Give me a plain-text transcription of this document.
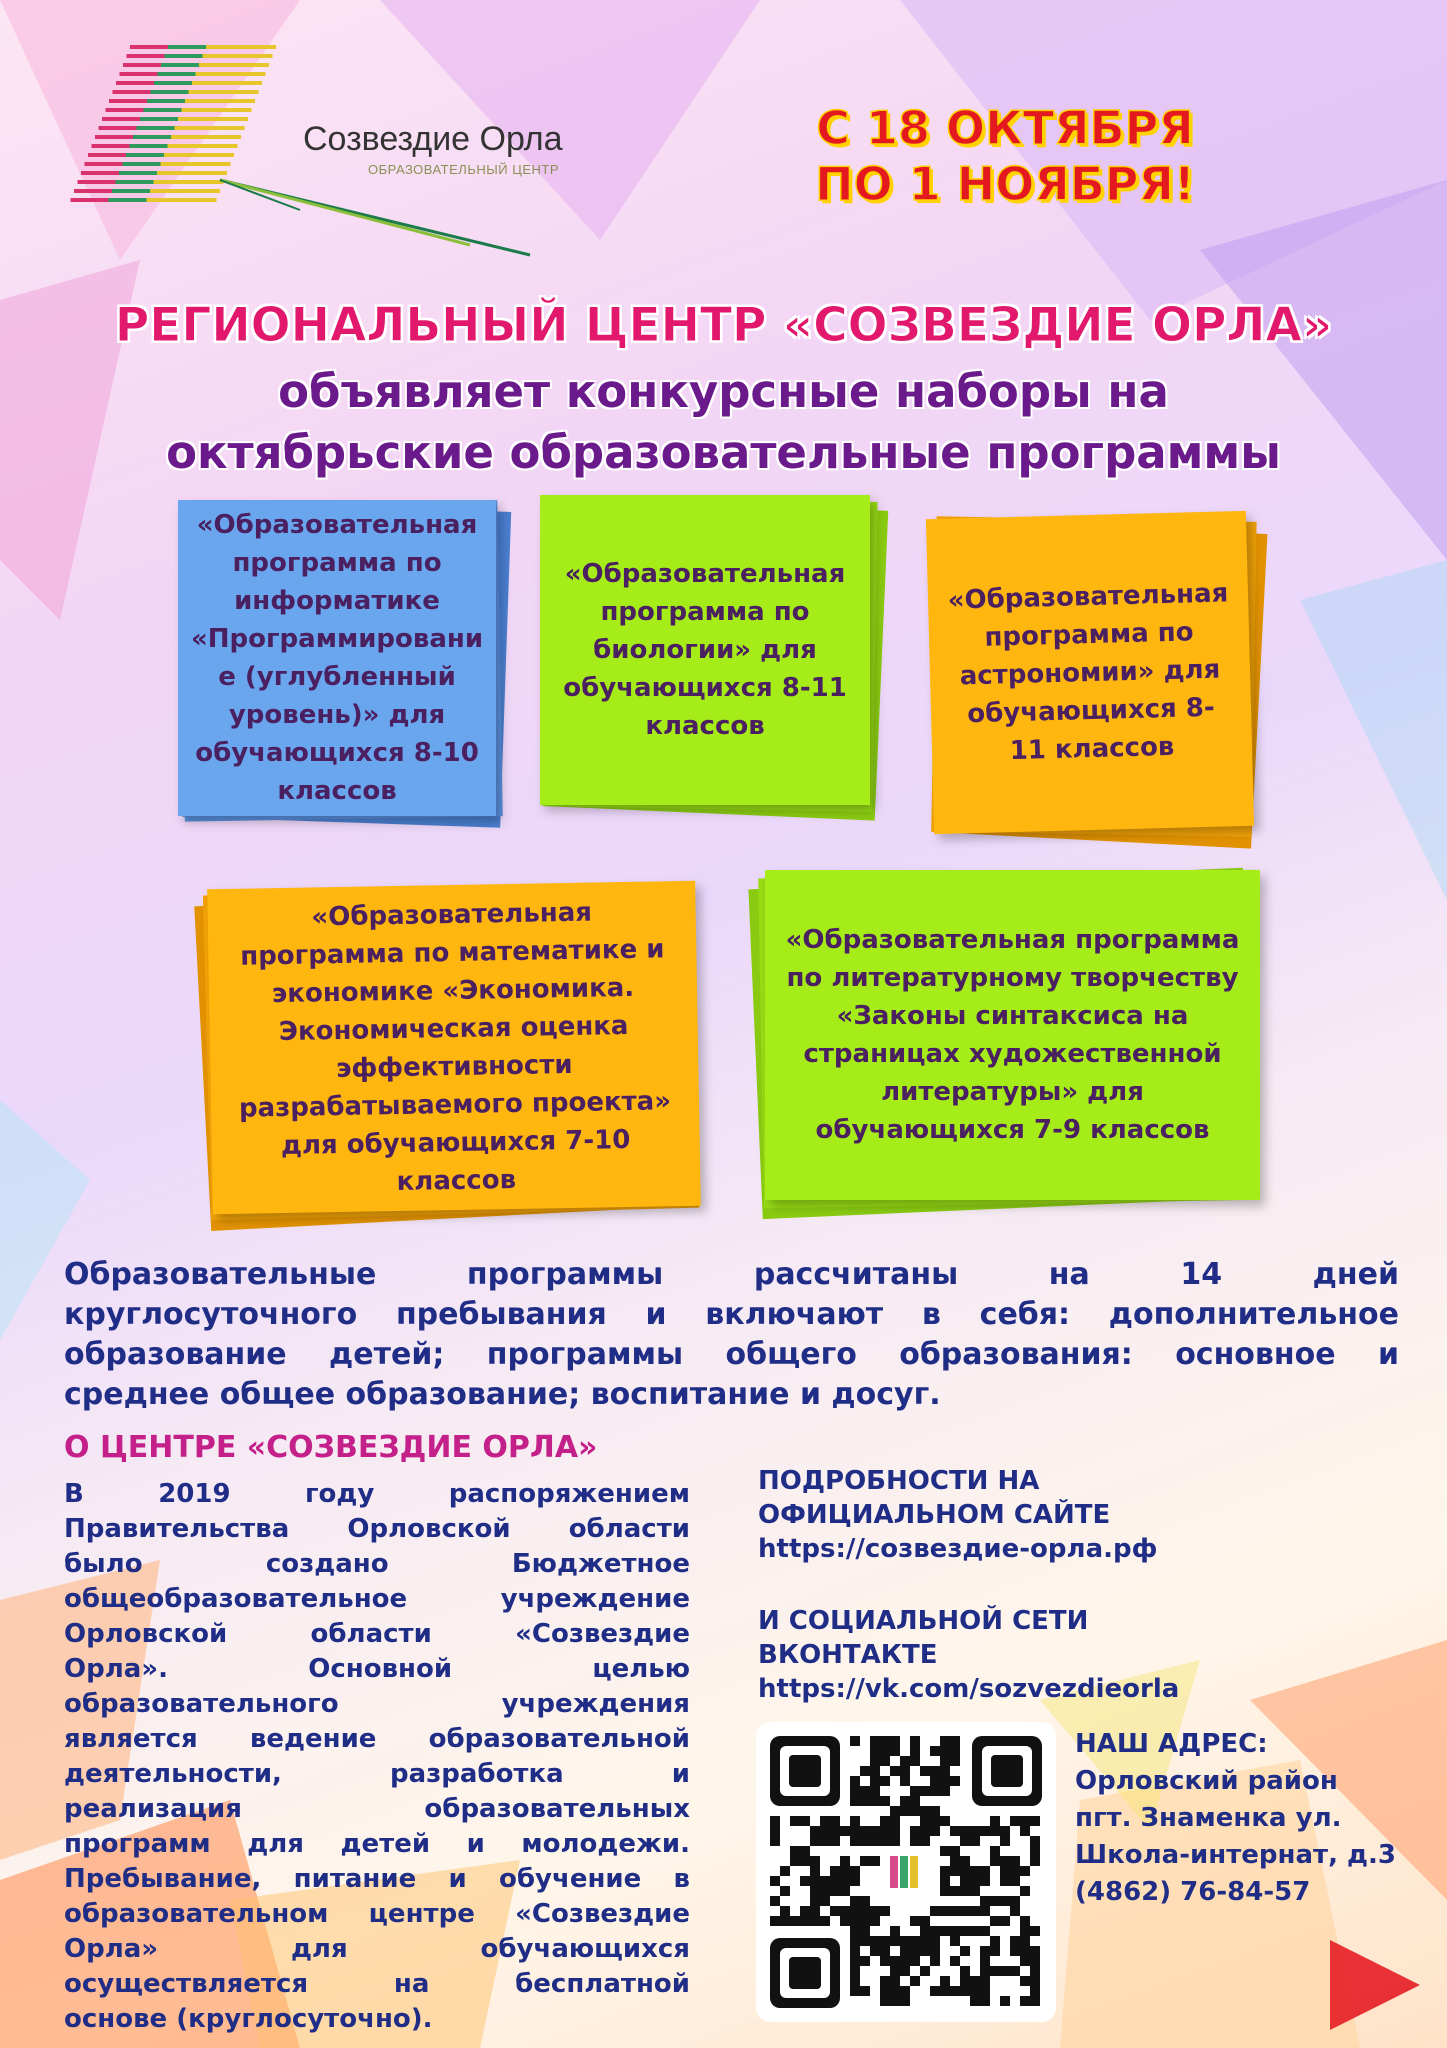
Созвездие Орла
ОБРАЗОВАТЕЛЬНЫЙ ЦЕНТР
С 18 ОКТЯБРЯ
ПО 1 НОЯБРЯ!
РЕГИОНАЛЬНЫЙ ЦЕНТР «СОЗВЕЗДИЕ ОРЛА»
объявляет конкурсные наборы на
октябрьские образовательные программы
«Образовательная программа по информатике «Программировани е (углубленный уровень)» для обучающихся 8-10 классов
«Образовательная программа по биологии» для обучающихся 8-11 классов
«Образовательная программа по астрономии» для обучающихся 8-11 классов
«Образовательная программа по математике и экономике «Экономика. Экономическая оценка эффективности разрабатываемого проекта» для обучающихся 7-10 классов
«Образовательная программа по литературному творчеству «Законы синтаксиса на страницах художественной литературы» для обучающихся 7-9 классов
Образовательные программы рассчитаны на 14 дней
круглосуточного пребывания и включают в себя: дополнительное
образование детей; программы общего образования: основное и
среднее общее образование; воспитание и досуг.
О ЦЕНТРЕ «СОЗВЕЗДИЕ ОРЛА»
В 2019 году распоряжением
Правительства Орловской области
было создано Бюджетное
общеобразовательное учреждение
Орловской области «Созвездие
Орла». Основной целью
образовательного учреждения
является ведение образовательной
деятельности, разработка и
реализация образовательных
программ для детей и молодежи.
Пребывание, питание и обучение в
образовательном центре «Созвездие
Орла» для обучающихся
осуществляется на бесплатной
основе (круглосуточно).
ПОДРОБНОСТИ НА
ОФИЦИАЛЬНОМ САЙТЕ
https://созвездие-орла.рф
И СОЦИАЛЬНОЙ СЕТИ
ВКОНТАКТЕ
https://vk.com/sozvezdieorla
НАШ АДРЕС:
Орловский район
пгт. Знаменка ул.
Школа-интернат, д.3
(4862) 76-84-57
